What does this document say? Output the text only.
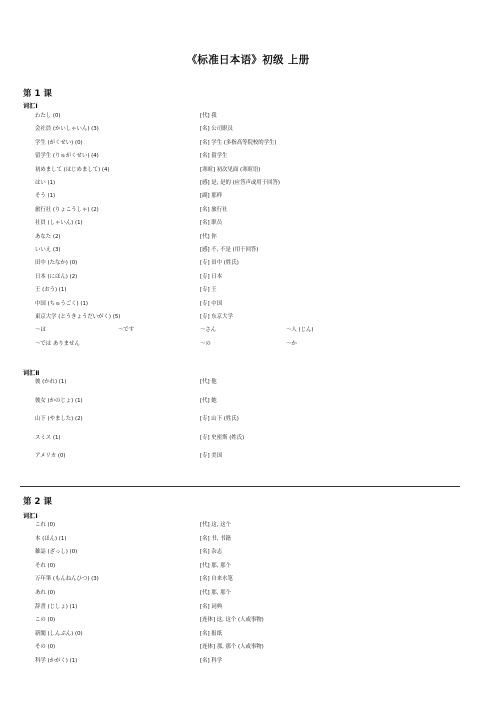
《标准日本语》初级 上册
第 1 课
词汇Ⅰ
わたし (0)	[代] 我
会社員 (かいしゃいん) (3)	[名] 公司职员
学生 (がくせい) (0)	[名] 学生 (多指高等院校的学生)
留学生 (りゅがくせい) (4)	[名] 留学生
初めまして (はじめまして) (4)	[寒暄] 初次见面 (寒暄语)
はい (1)	[感] 是, 是的 (应答声或用于回答)
そう (1)	[副] 那样
旅行社 (りょこうしゃ) (2)	[名] 旅行社
社員 (しゃいん) (1)	[名] 职员
あなた (2)	[代] 你
いいえ (3)	[感] 不, 不是 (用于回答)
田中 (たなか) (0)	[专] 田中 (姓氏)
日本 (にほん) (2)	[专] 日本
王 (おう) (1)	[专] 王
中国 (ちゅうごく) (1)	[专] 中国
東京大学 (とうきょうだいがく) (5)	[专] 东京大学
～は	～です	～さん	～人 (じん)
～では ありません	～の	～か
词汇Ⅱ
彼 (かれ) (1)	[代] 他
彼女 (かのじょ) (1)	[代] 她
山下 (やました) (2)	[专] 山下 (姓氏)
スミス (1)	[专] 史密斯 (姓氏)
アメリカ (0)	[专] 美国
第 2 课
词汇Ⅰ
これ (0)	[代] 这, 这个
本 (ほん) (1)	[名] 书, 书籍
雑誌 (ざっし) (0)	[名] 杂志
それ (0)	[代] 那, 那个
万年筆 (もんねんひつ) (3)	[名] 自来水笔
あれ (0)	[代] 那, 那个
辞書 (じしょ) (1)	[名] 词典
この (0)	[连体] 这, 这个 (人或事物)
新聞 (しんぶん) (0)	[名] 报纸
その (0)	[连体] 那, 那个 (人或事物)
科学 (かがく) (1)	[名] 科学
